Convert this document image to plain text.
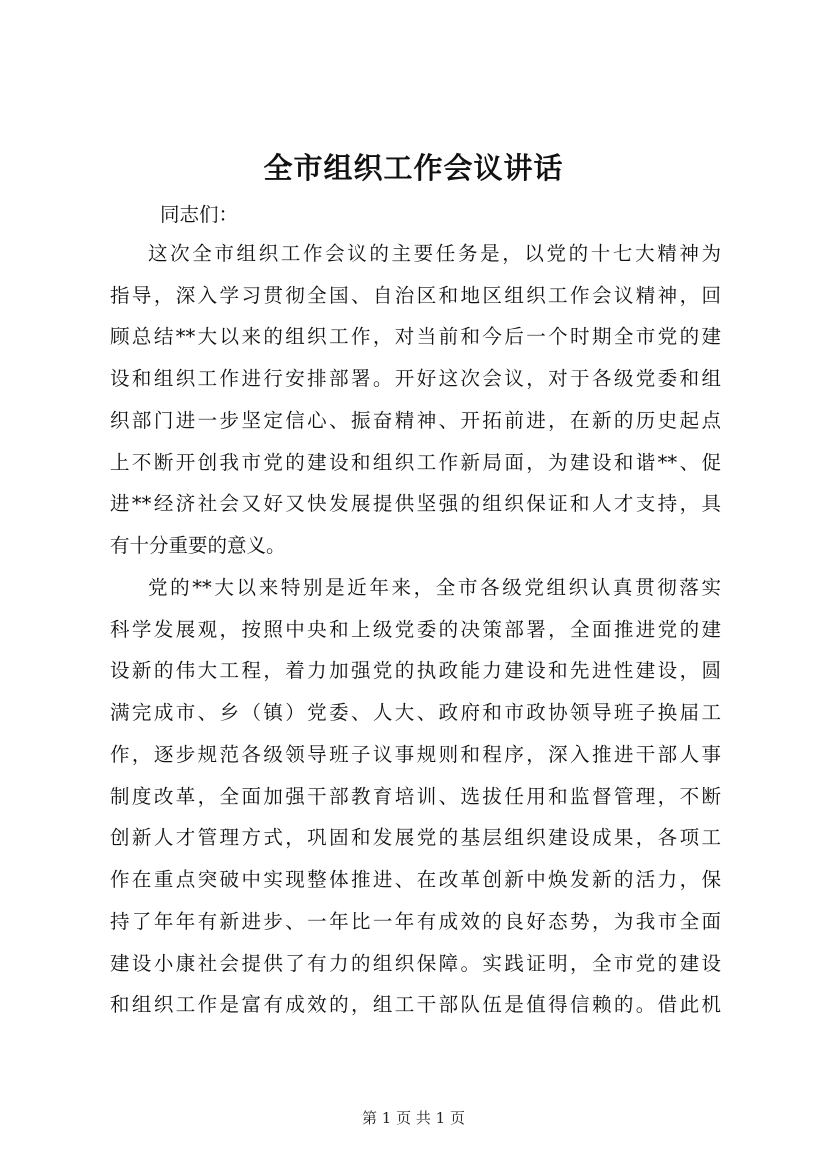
全市组织工作会议讲话

同志们：

这次全市组织工作会议的主要任务是，以党的十七大精神为

指导，深入学习贯彻全国、自治区和地区组织工作会议精神，回

顾总结**大以来的组织工作，对当前和今后一个时期全市党的建

设和组织工作进行安排部署。开好这次会议，对于各级党委和组

织部门进一步坚定信心、振奋精神、开拓前进，在新的历史起点

上不断开创我市党的建设和组织工作新局面，为建设和谐**、促

进**经济社会又好又快发展提供坚强的组织保证和人才支持，具

有十分重要的意义。

党的**大以来特别是近年来，全市各级党组织认真贯彻落实

科学发展观，按照中央和上级党委的决策部署，全面推进党的建

设新的伟大工程，着力加强党的执政能力建设和先进性建设，圆

满完成市、乡（镇）党委、人大、政府和市政协领导班子换届工

作，逐步规范各级领导班子议事规则和程序，深入推进干部人事

制度改革，全面加强干部教育培训、选拔任用和监督管理，不断

创新人才管理方式，巩固和发展党的基层组织建设成果，各项工

作在重点突破中实现整体推进、在改革创新中焕发新的活力，保

持了年年有新进步、一年比一年有成效的良好态势，为我市全面

建设小康社会提供了有力的组织保障。实践证明，全市党的建设

和组织工作是富有成效的，组工干部队伍是值得信赖的。借此机

第 1 页 共 1 页
